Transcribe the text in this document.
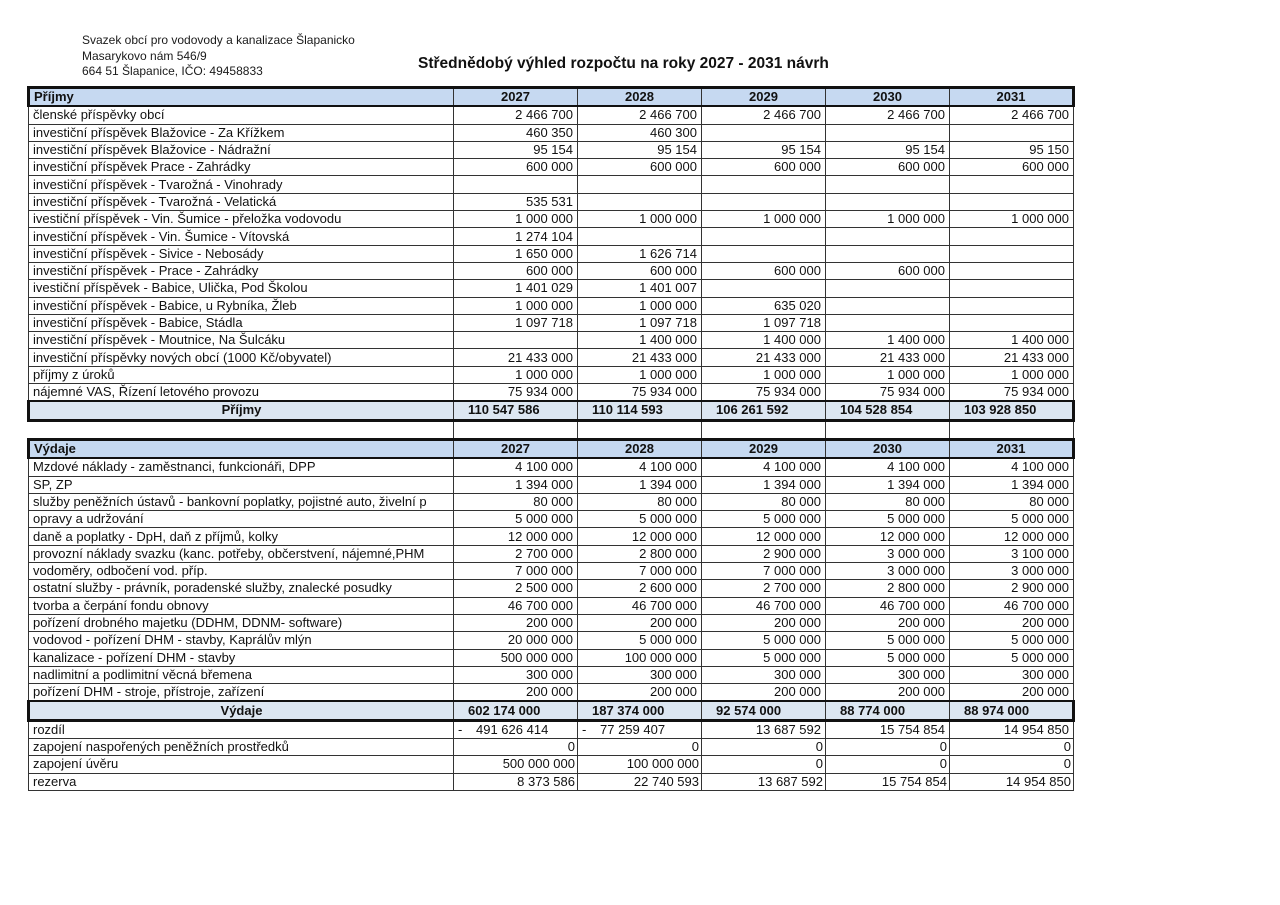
Svazek obcí pro vodovody a kanalizace Šlapanicko
Masarykovo nám 546/9
664 51 Šlapanice, IČO: 49458833	Střednědobý výhled rozpočtu na roky 2027 - 2031 návrh
Příjmy	2027	2028	2029	2030	2031
členské příspěvky obcí	2 466 700	2 466 700	2 466 700	2 466 700	2 466 700
investiční příspěvek Blažovice - Za Křížkem	460 350	460 300			
investiční příspěvek Blažovice - Nádražní	95 154	95 154	95 154	95 154	95 150
investiční příspěvek Prace - Zahrádky	600 000	600 000	600 000	600 000	600 000
investiční příspěvek - Tvarožná - Vinohrady					
investiční příspěvek - Tvarožná - Velatická	535 531				
ivestiční příspěvek - Vin. Šumice - přeložka vodovodu	1 000 000	1 000 000	1 000 000	1 000 000	1 000 000
investiční příspěvek - Vin. Šumice - Vítovská	1 274 104				
investiční příspěvek - Sivice - Nebosády	1 650 000	1 626 714			
investiční příspěvek - Prace - Zahrádky	600 000	600 000	600 000	600 000	
ivestiční příspěvek - Babice, Ulička, Pod Školou	1 401 029	1 401 007			
investiční příspěvek - Babice, u Rybníka, Žleb	1 000 000	1 000 000	635 020		
investiční příspěvek - Babice, Stádla	1 097 718	1 097 718	1 097 718		
investiční příspěvek - Moutnice, Na Šulcáku		1 400 000	1 400 000	1 400 000	1 400 000
investiční příspěvky nových obcí (1000 Kč/obyvatel)	21 433 000	21 433 000	21 433 000	21 433 000	21 433 000
příjmy z úroků	1 000 000	1 000 000	1 000 000	1 000 000	1 000 000
nájemné VAS, Řízení letového provozu	75 934 000	75 934 000	75 934 000	75 934 000	75 934 000
Příjmy	110 547 586	110 114 593	106 261 592	104 528 854	103 928 850

Výdaje	2027	2028	2029	2030	2031
Mzdové náklady - zaměstnanci, funkcionáři, DPP	4 100 000	4 100 000	4 100 000	4 100 000	4 100 000
SP, ZP	1 394 000	1 394 000	1 394 000	1 394 000	1 394 000
služby peněžních ústavů - bankovní poplatky, pojistné auto, živelní p	80 000	80 000	80 000	80 000	80 000
opravy a udržování	5 000 000	5 000 000	5 000 000	5 000 000	5 000 000
daně a poplatky - DpH, daň z příjmů, kolky	12 000 000	12 000 000	12 000 000	12 000 000	12 000 000
provozní náklady svazku (kanc. potřeby, občerstvení, nájemné,PHM	2 700 000	2 800 000	2 900 000	3 000 000	3 100 000
vodoměry, odbočení vod. příp.	7 000 000	7 000 000	7 000 000	3 000 000	3 000 000
ostatní služby - právník, poradenské služby, znalecké posudky	2 500 000	2 600 000	2 700 000	2 800 000	2 900 000
tvorba a čerpání fondu obnovy	46 700 000	46 700 000	46 700 000	46 700 000	46 700 000
pořízení drobného majetku (DDHM, DDNM- software)	200 000	200 000	200 000	200 000	200 000
vodovod - pořízení DHM - stavby, Kaprálův mlýn	20 000 000	5 000 000	5 000 000	5 000 000	5 000 000
kanalizace - pořízení DHM - stavby	500 000 000	100 000 000	5 000 000	5 000 000	5 000 000
nadlimitní a podlimitní věcná břemena	300 000	300 000	300 000	300 000	300 000
pořízení DHM - stroje, přístroje, zařízení	200 000	200 000	200 000	200 000	200 000
Výdaje	602 174 000	187 374 000	92 574 000	88 774 000	88 974 000
rozdíl	- 491 626 414	- 77 259 407	13 687 592	15 754 854	14 954 850
zapojení naspořených peněžních prostředků	0	0	0	0	0
zapojení úvěru	500 000 000	100 000 000	0	0	0
rezerva	8 373 586	22 740 593	13 687 592	15 754 854	14 954 850
